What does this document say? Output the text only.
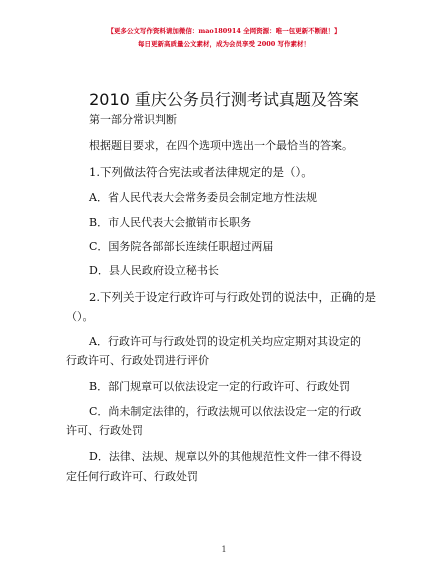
【更多公文写作资料请加微信：mao180914 全网资源：唯一包更新不断跟！】
每日更新高质量公文素材，成为会员享受 2000 写作素材！
2010 重庆公务员行测考试真题及答案
第一部分常识判断
根据题目要求，在四个选项中选出一个最恰当的答案。
1.下列做法符合宪法或者法律规定的是（）。
A．省人民代表大会常务委员会制定地方性法规
B．市人民代表大会撤销市长职务
C．国务院各部部长连续任职超过两届
D．县人民政府设立秘书长
2.下列关于设定行政许可与行政处罚的说法中，正确的是
（）。
A．行政许可与行政处罚的设定机关均应定期对其设定的
行政许可、行政处罚进行评价
B．部门规章可以依法设定一定的行政许可、行政处罚
C．尚未制定法律的，行政法规可以依法设定一定的行政
许可、行政处罚
D．法律、法规、规章以外的其他规范性文件一律不得设
定任何行政许可、行政处罚
1
